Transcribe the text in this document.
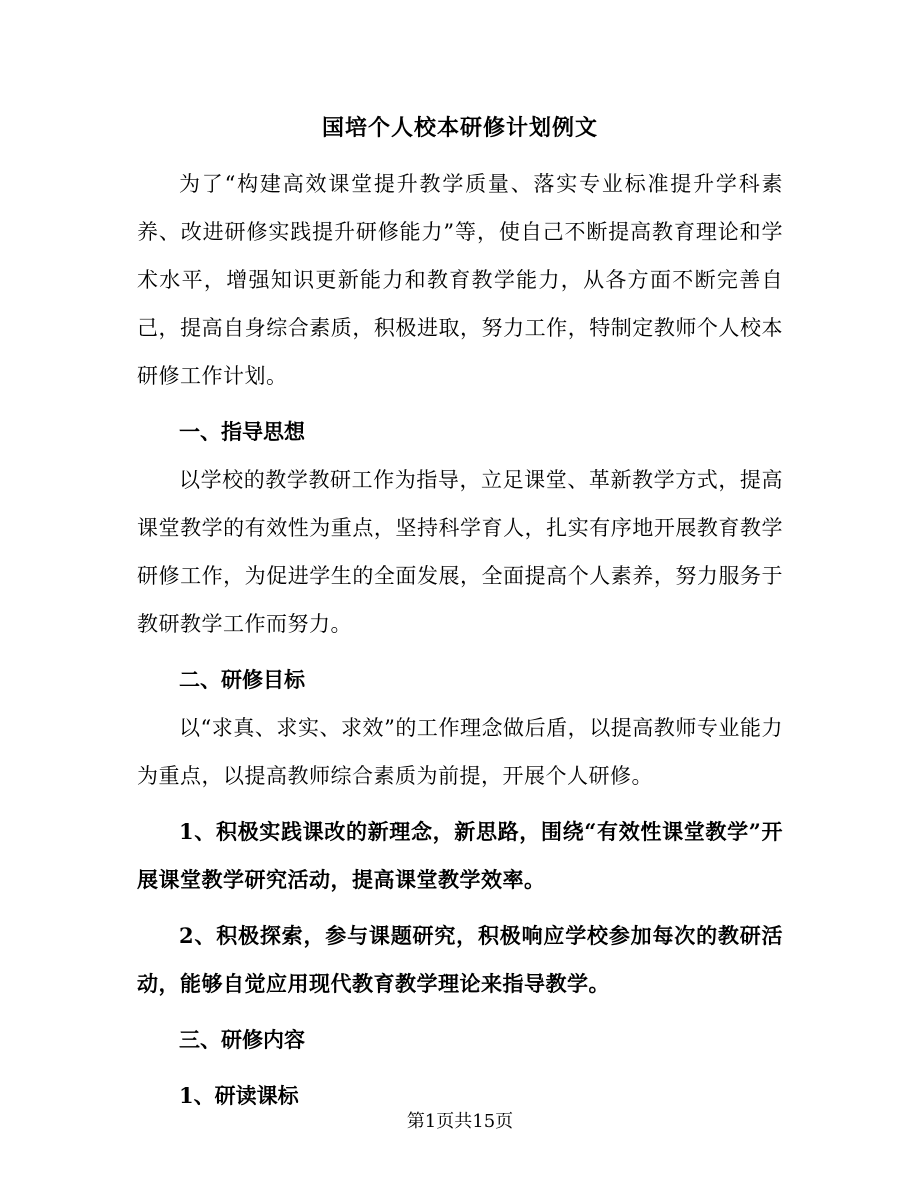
国培个人校本研修计划例文

为了“构建高效课堂提升教学质量、落实专业标准提升学科素养、改进研修实践提升研修能力”等，使自己不断提高教育理论和学术水平，增强知识更新能力和教育教学能力，从各方面不断完善自己，提高自身综合素质，积极进取，努力工作，特制定教师个人校本研修工作计划。

一、指导思想

以学校的教学教研工作为指导，立足课堂、革新教学方式，提高课堂教学的有效性为重点，坚持科学育人，扎实有序地开展教育教学研修工作，为促进学生的全面发展，全面提高个人素养，努力服务于教研教学工作而努力。

二、研修目标

以“求真、求实、求效”的工作理念做后盾，以提高教师专业能力为重点，以提高教师综合素质为前提，开展个人研修。

1、积极实践课改的新理念，新思路，围绕“有效性课堂教学”开展课堂教学研究活动，提高课堂教学效率。

2、积极探索，参与课题研究，积极响应学校参加每次的教研活动，能够自觉应用现代教育教学理论来指导教学。

三、研修内容

1、研读课标

第1页共15页
